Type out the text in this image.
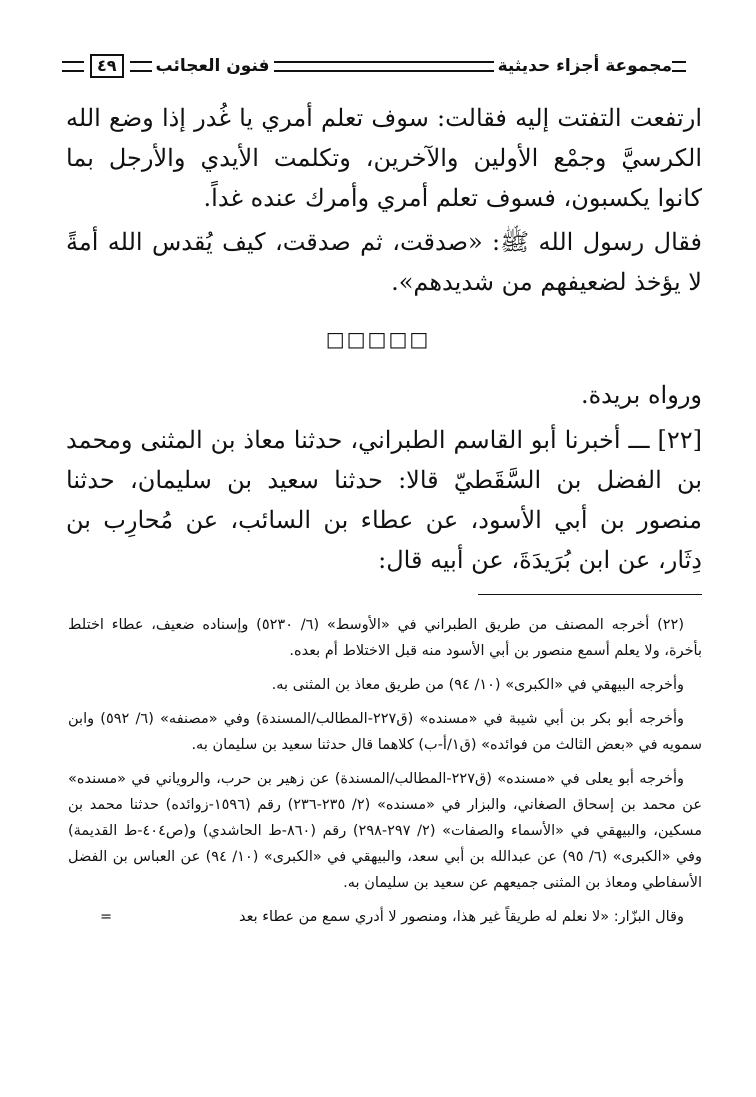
مجموعة أجزاء حديثية
فنون العجائب
٤٩

ارتفعت التفتت إليه فقالت: سوف تعلم أمري يا غُدر إذا وضع الله الكرسيَّ وجمْع الأولين والآخرين، وتكلمت الأيدي والأرجل بما كانوا يكسبون، فسوف تعلم أمري وأمرك عنده غداً.

فقال رسول الله ﷺ: «صدقت، ثم صدقت، كيف يُقدس الله أمةً لا يؤخذ لضعيفهم من شديدهم».

□□□□□

ورواه بريدة.

[٢٢] ـــ أخبرنا أبو القاسم الطبراني، حدثنا معاذ بن المثنى ومحمد بن الفضل بن السَّقَطيّ قالا: حدثنا سعيد بن سليمان، حدثنا منصور بن أبي الأسود، عن عطاء بن السائب، عن مُحارِب بن دِثَار، عن ابن بُرَيدَةَ، عن أبيه قال:

(٢٢) أخرجه المصنف من طريق الطبراني في «الأوسط» (٦/ ٥٢٣٠) وإسناده ضعيف، عطاء اختلط بأخرة، ولا يعلم أسمع منصور بن أبي الأسود منه قبل الاختلاط أم بعده.

وأخرجه البيهقي في «الكبرى» (١٠/ ٩٤) من طريق معاذ بن المثنى به.

وأخرجه أبو بكر بن أبي شيبة في «مسنده» (ق٢٢٧-المطالب/المسندة) وفي «مصنفه» (٦/ ٥٩٢) وابن سمويه في «بعض الثالث من فوائده» (ق١/أ-ب) كلاهما قال حدثنا سعيد بن سليمان به.

وأخرجه أبو يعلى في «مسنده» (ق٢٢٧-المطالب/المسندة) عن زهير بن حرب، والروياني في «مسنده» عن محمد بن إسحاق الصغاني، والبزار في «مسنده» (٢/ ٢٣٥-٢٣٦) رقم (١٥٩٦-زوائده) حدثنا محمد بن مسكين، والبيهقي في «الأسماء والصفات» (٢/ ٢٩٧-٢٩٨) رقم (٨٦٠-ط الحاشدي) و(ص٤٠٤-ط القديمة) وفي «الكبرى» (٦/ ٩٥) عن عبدالله بن أبي سعد، والبيهقي في «الكبرى» (١٠/ ٩٤) عن العباس بن الفضل الأسفاطي ومعاذ بن المثنى جميعهم عن سعيد بن سليمان به.

وقال البزّار: «لا نعلم له طريقاً غير هذا، ومنصور لا أدري سمع من عطاء بعد
=
